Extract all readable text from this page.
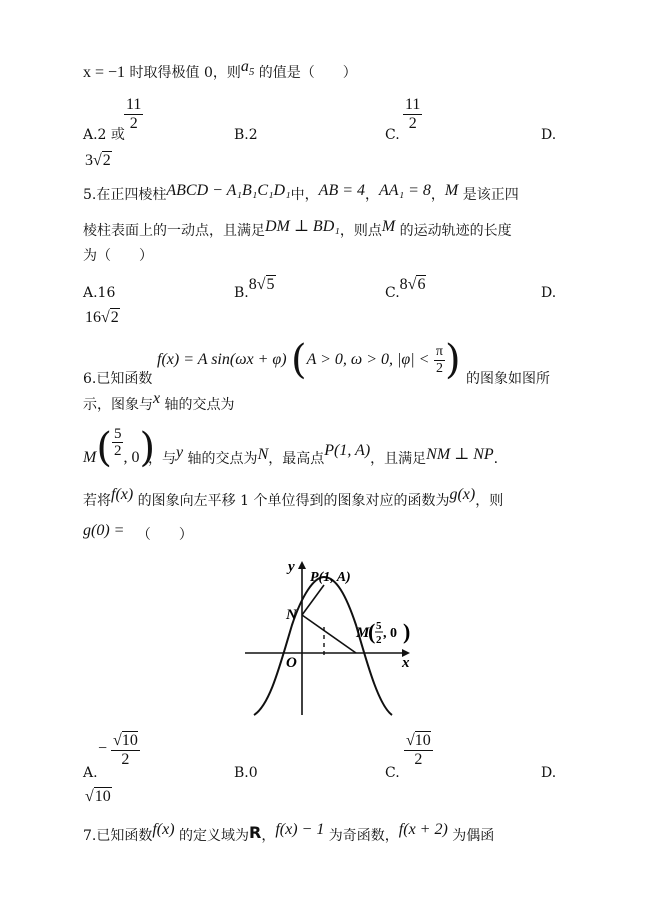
x = −1 时取得极值 0，则$a_5$ 的值是（　　）
$\frac{11}{2}$
A.2 或	B.2	C.
$\frac{11}{2}$
D.
3√2
5.在正四棱柱ABCD − A₁B₁C₁D₁中，AB = 4，AA₁ = 8，M 是该正四
棱柱表面上的一动点，且满足DM ⊥ BD₁，则点M 的运动轨迹的长度
为（　　）
A.16	B.8√5	C.8√6	D.
16√2
f(x) = A sin(ωx + φ) (A > 0, ω > 0, $|\varphi| < \frac{\pi}{2}$ )
6.已知函数	的图象如图所
示，图象与x 轴的交点为
$M( \frac{5}{2}$ , 0)
，与y 轴的交点为N，最高点P(1, A)，且满足NM ⊥ NP.
若将f(x) 的图象向左平移 1 个单位得到的图象对应的函数为g(x)，则
g(0) = （　　）
y
x
O
N
P(1, A)
M
( 5
2 , 0 )
A.
− $\frac{√10}{2}$
B.0	C.
$\frac{√10}{2}$
D.
√10
7.已知函数f(x) 的定义域为R，f(x) − 1 为奇函数，f(x + 2) 为偶函
